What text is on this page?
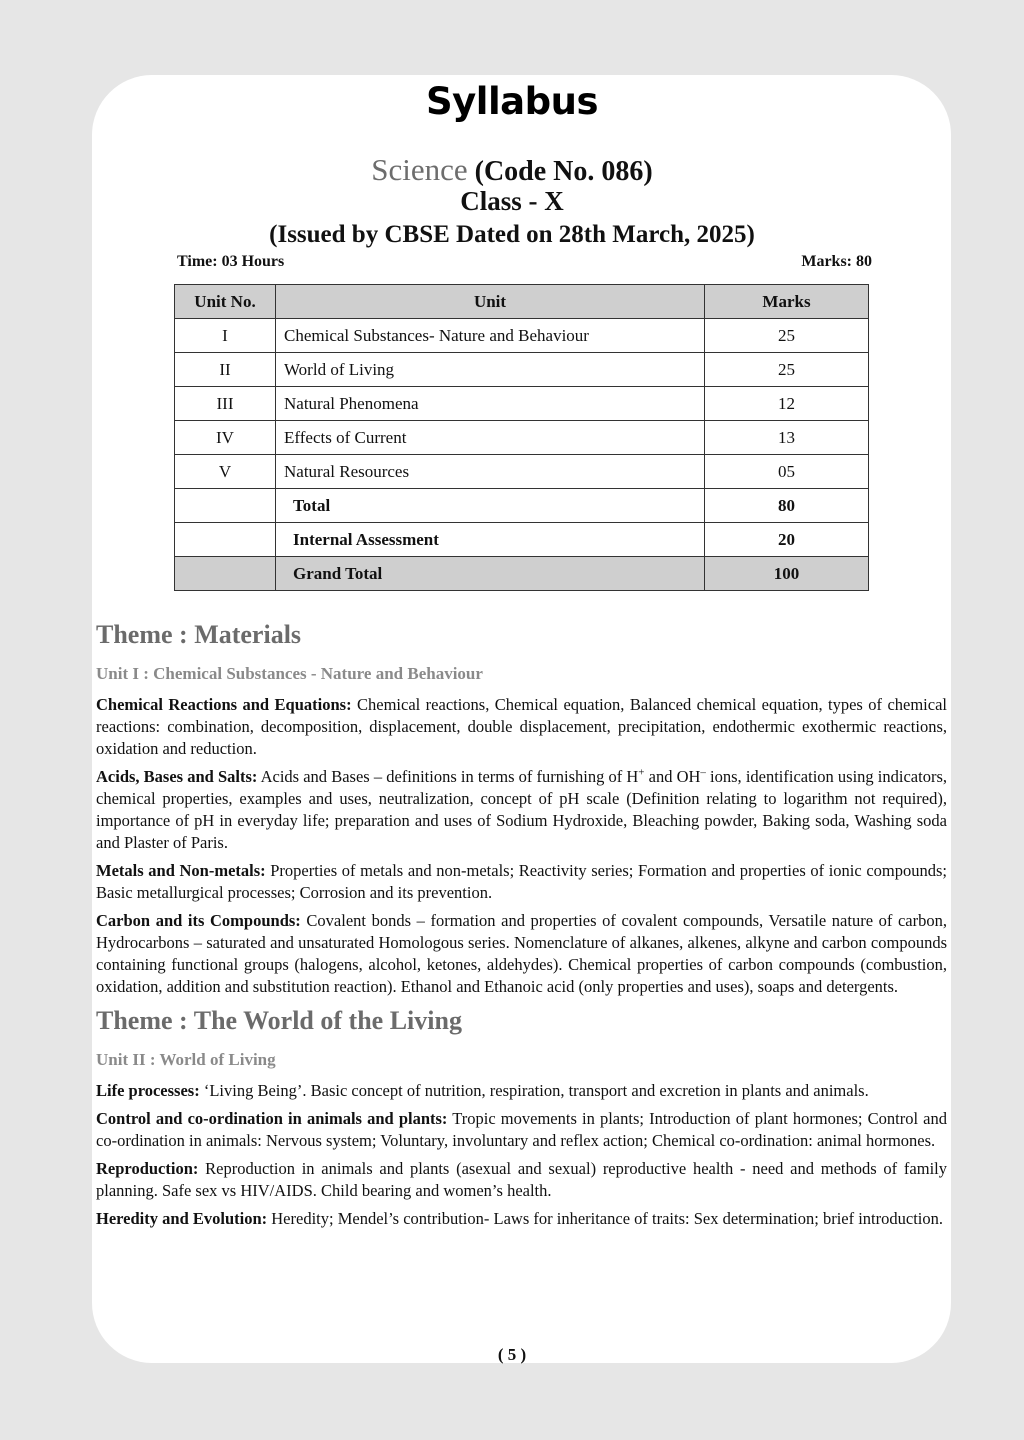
Syllabus
Science (Code No. 086)
Class - X
(Issued by CBSE Dated on 28th March, 2025)
Time: 03 Hours	Marks: 80
Unit No.	Unit	Marks
I	Chemical Substances- Nature and Behaviour	25
II	World of Living	25
III	Natural Phenomena	12
IV	Effects of Current	13
V	Natural Resources	05
	Total	80
	Internal Assessment	20
	Grand Total	100
Theme : Materials
Unit I : Chemical Substances - Nature and Behaviour

Chemical Reactions and Equations: Chemical reactions, Chemical equation, Balanced chemical equation, types of chemical reactions: combination, decomposition, displacement, double displacement, precipitation, endothermic exothermic reactions, oxidation and reduction.

Acids, Bases and Salts: Acids and Bases – definitions in terms of furnishing of H+ and OH– ions, identification using indicators, chemical properties, examples and uses, neutralization, concept of pH scale (Definition relating to logarithm not required), importance of pH in everyday life; preparation and uses of Sodium Hydroxide, Bleaching powder, Baking soda, Washing soda and Plaster of Paris.

Metals and Non-metals: Properties of metals and non-metals; Reactivity series; Formation and properties of ionic compounds; Basic metallurgical processes; Corrosion and its prevention.

Carbon and its Compounds: Covalent bonds – formation and properties of covalent compounds, Versatile nature of carbon, Hydrocarbons – saturated and unsaturated Homologous series. Nomenclature of alkanes, alkenes, alkyne and carbon compounds containing functional groups (halogens, alcohol, ketones, aldehydes). Chemical properties of carbon compounds (combustion, oxidation, addition and substitution reaction). Ethanol and Ethanoic acid (only properties and uses), soaps and detergents.

Theme : The World of the Living
Unit II : World of Living

Life processes: ‘Living Being’. Basic concept of nutrition, respiration, transport and excretion in plants and animals.

Control and co-ordination in animals and plants: Tropic movements in plants; Introduction of plant hormones; Control and co-ordination in animals: Nervous system; Voluntary, involuntary and reflex action; Chemical co-ordination: animal hormones.

Reproduction: Reproduction in animals and plants (asexual and sexual) reproductive health - need and methods of family planning. Safe sex vs HIV/AIDS. Child bearing and women’s health.

Heredity and Evolution: Heredity; Mendel’s contribution- Laws for inheritance of traits: Sex determination; brief introduction.

( 5 )
